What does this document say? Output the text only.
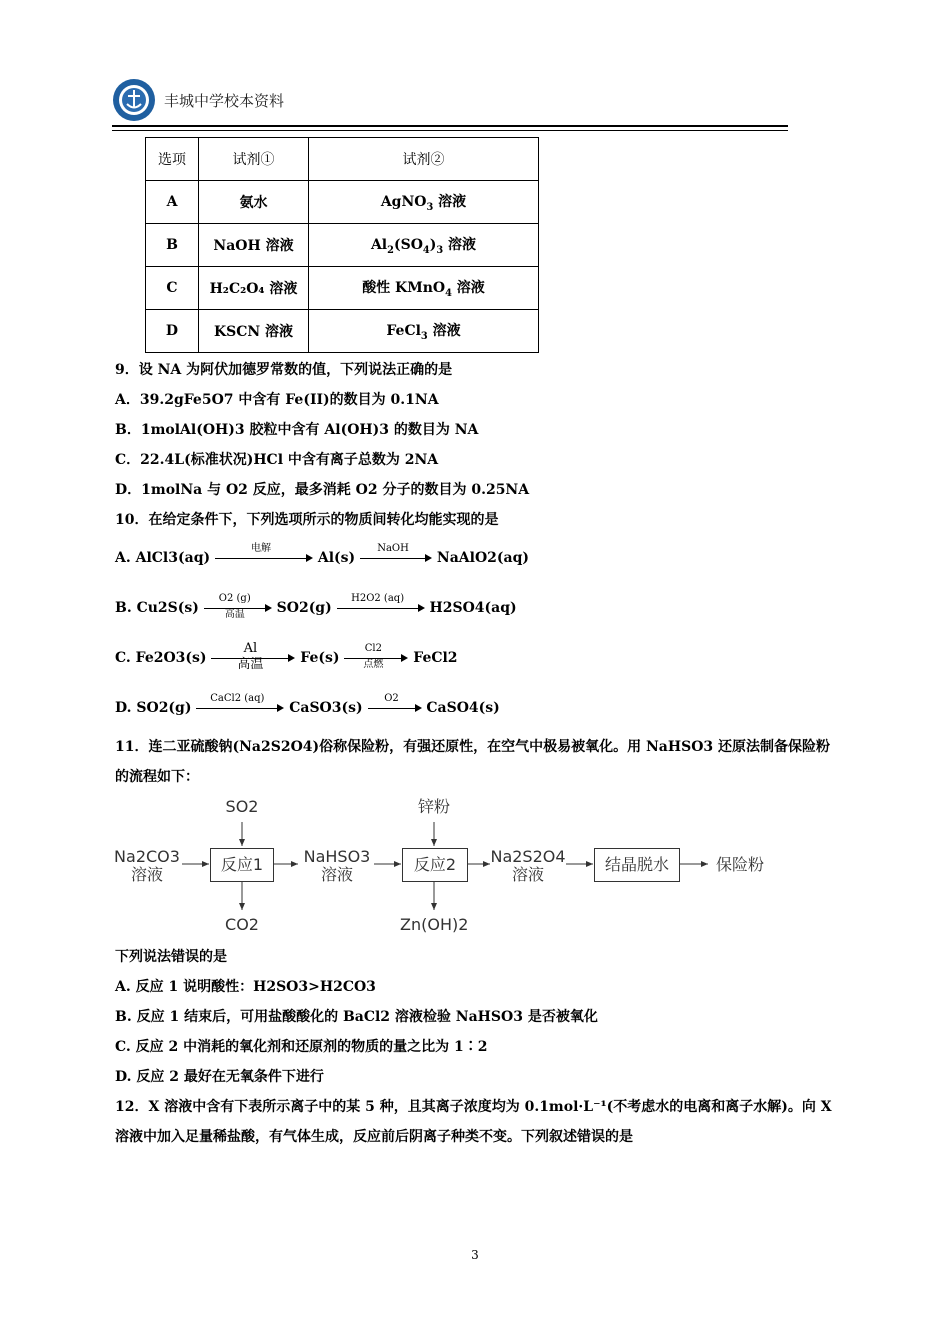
丰城中学校本资料
选项	试剂①	试剂②
A	氨水	AgNO$_3$ 溶液
B	NaOH 溶液	$Al_2(SO_4)_3$ 溶液
C	H₂C₂O₄ 溶液	酸性 KMnO$_4$ 溶液
D	KSCN 溶液	FeCl$_3$ 溶液
9．设 NA 为阿伏加德罗常数的值，下列说法正确的是
A．39.2gFe5O7 中含有 Fe(II)的数目为 0.1NA
B．1molAl(OH)3 胶粒中含有 Al(OH)3 的数目为 NA
C．22.4L(标准状况)HCl 中含有离子总数为 2NA
D．1molNa 与 O2 反应，最多消耗 O2 分子的数目为 0.25NA
10．在给定条件下，下列选项所示的物质间转化均能实现的是
A. AlCl3(aq)
电解
Al(s)
NaOH
NaAlO2(aq)
B. Cu2S(s)
O2 (g)
高温	SO2(g)
H2O2 (aq)
H2SO4(aq)
C. Fe2O3(s)
Al
高温	Fe(s)
Cl2
点燃	FeCl2
D. SO2(g)
CaCl2 (aq)
CaSO3(s)
O2
CaSO4(s)
11．连二亚硫酸钠(Na2S2O4)俗称保险粉，有强还原性，在空气中极易被氧化。用 NaHSO3 还原法制备保险粉的流程如下：
SO2	锌粉
Na2CO3
溶液
反应1	NaHSO3
溶液
反应2	Na2S2O4
溶液
结晶脱水	保险粉
CO2	Zn(OH)2
下列说法错误的是
A. 反应 1 说明酸性：H2SO3>H2CO3
B. 反应 1 结束后，可用盐酸酸化的 BaCl2 溶液检验 NaHSO3 是否被氧化
C. 反应 2 中消耗的氧化剂和还原剂的物质的量之比为 1∶2
D. 反应 2 最好在无氧条件下进行
12．X 溶液中含有下表所示离子中的某 5 种，且其离子浓度均为 0.1mol·L⁻¹(不考虑水的电离和离子水解)。向 X 溶液中加入足量稀盐酸，有气体生成，反应前后阴离子种类不变。下列叙述错误的是
3
